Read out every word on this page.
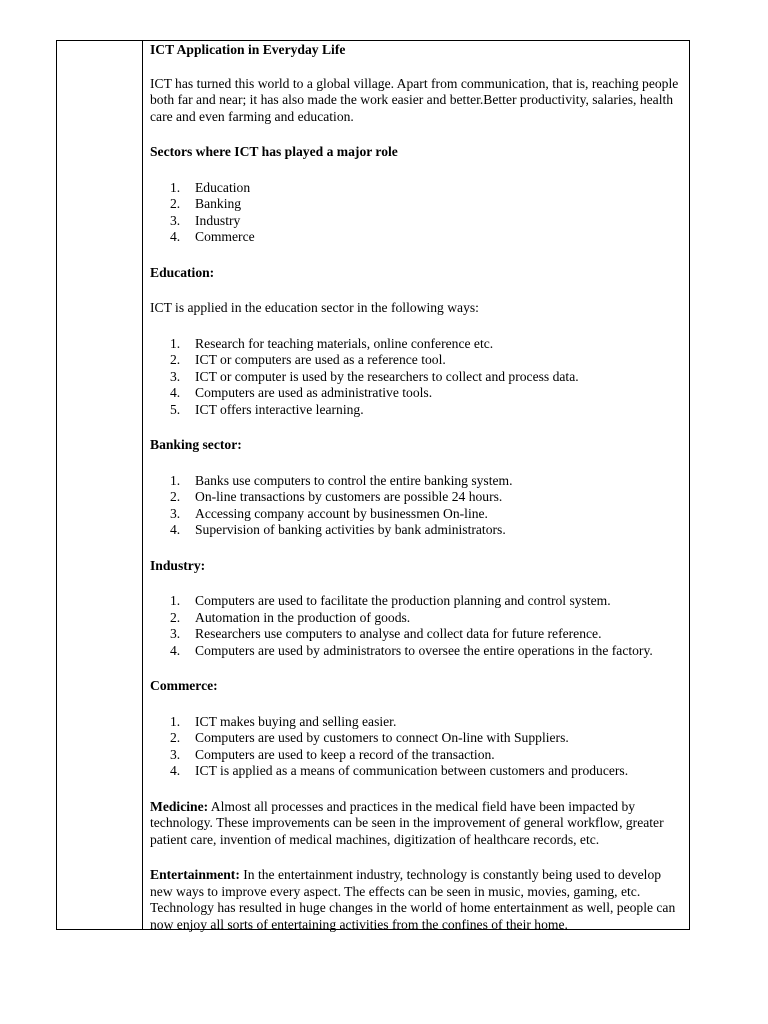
ICT Application in Everyday Life

ICT has turned this world to a global village. Apart from communication, that is, reaching people both far and near; it has also made the work easier and better.Better productivity, salaries, health care and even farming and education.

Sectors where ICT has played a major role

1.	Education
2.	Banking
3.	Industry
4.	Commerce

Education:

ICT is applied in the education sector in the following ways:

1.	Research for teaching materials, online conference etc.
2.	ICT or computers are used as a reference tool.
3.	ICT or computer is used by the researchers to collect and process data.
4.	Computers are used as administrative tools.
5.	ICT offers interactive learning.

Banking sector:

1.	Banks use computers to control the entire banking system.
2.	On-line transactions by customers are possible 24 hours.
3.	Accessing company account by businessmen On-line.
4.	Supervision of banking activities by bank administrators.

Industry:

1.	Computers are used to facilitate the production planning and control system.
2.	Automation in the production of goods.
3.	Researchers use computers to analyse and collect data for future reference.
4.	Computers are used by administrators to oversee the entire operations in the factory.

Commerce:

1.	ICT makes buying and selling easier.
2.	Computers are used by customers to connect On-line with Suppliers.
3.	Computers are used to keep a record of the transaction.
4.	ICT is applied as a means of communication between customers and producers.

Medicine: Almost all processes and practices in the medical field have been impacted by technology. These improvements can be seen in the improvement of general workflow, greater patient care, invention of medical machines, digitization of healthcare records, etc.

Entertainment: In the entertainment industry, technology is constantly being used to develop new ways to improve every aspect. The effects can be seen in music, movies, gaming, etc. Technology has resulted in huge changes in the world of home entertainment as well, people can now enjoy all sorts of entertaining activities from the confines of their home.
